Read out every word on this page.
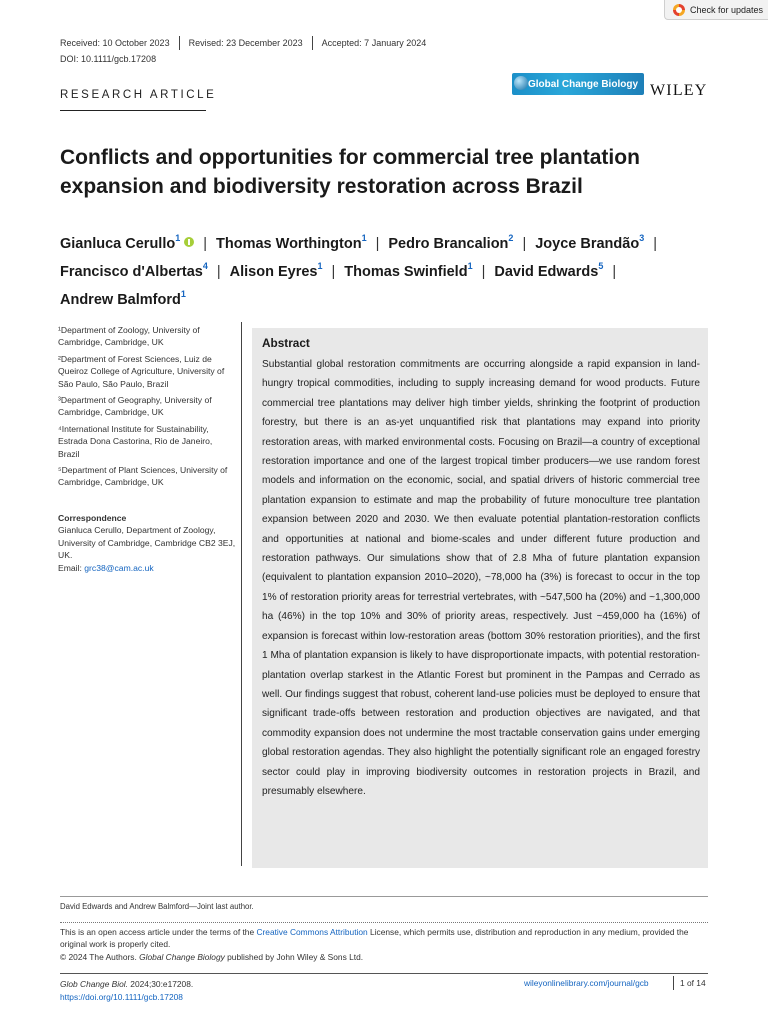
Check for updates
Received: 10 October 2023 Revised: 23 December 2023 Accepted: 7 January 2024
DOI: 10.1111/gcb.17208
RESEARCH ARTICLE
Global Change Biology WILEY
Conflicts and opportunities for commercial tree plantation expansion and biodiversity restoration across Brazil
Gianluca Cerullo$^1$ | Thomas Worthington$^1$ | Pedro Brancalion$^2$ | Joyce Brandão$^3$ |
Francisco d'Albertas$^4$ | Alison Eyres$^1$ | Thomas Swinfield$^1$ | David Edwards$^5$ |
Andrew Balmford$^1$
¹Department of Zoology, University of Cambridge, Cambridge, UK
²Department of Forest Sciences, Luiz de Queiroz College of Agriculture, University of São Paulo, São Paulo, Brazil
³Department of Geography, University of Cambridge, Cambridge, UK
⁴International Institute for Sustainability, Estrada Dona Castorina, Rio de Janeiro, Brazil
⁵Department of Plant Sciences, University of Cambridge, Cambridge, UK
Correspondence
Gianluca Cerullo, Department of Zoology, University of Cambridge, Cambridge CB2 3EJ, UK.
Email: grc38@cam.ac.uk
Abstract
Substantial global restoration commitments are occurring alongside a rapid expansion in land-hungry tropical commodities, including to supply increasing demand for wood products. Future commercial tree plantations may deliver high timber yields, shrinking the footprint of production forestry, but there is an as-yet unquantified risk that plantations may expand into priority restoration areas, with marked environmental costs. Focusing on Brazil—a country of exceptional restoration importance and one of the largest tropical timber producers—we use random forest models and information on the economic, social, and spatial drivers of historic commercial tree plantation expansion to estimate and map the probability of future monoculture tree plantation expansion between 2020 and 2030. We then evaluate potential plantation-restoration conflicts and opportunities at national and biome-scales and under different future production and restoration pathways. Our simulations show that of 2.8 Mha of future plantation expansion (equivalent to plantation expansion 2010–2020), ~78,000 ha (3%) is forecast to occur in the top 1% of restoration priority areas for terrestrial vertebrates, with ~547,500 ha (20%) and ~1,300,000 ha (46%) in the top 10% and 30% of priority areas, respectively. Just ~459,000 ha (16%) of expansion is forecast within low-restoration areas (bottom 30% restoration priorities), and the first 1 Mha of plantation expansion is likely to have disproportionate impacts, with potential restoration-plantation overlap starkest in the Atlantic Forest but prominent in the Pampas and Cerrado as well. Our findings suggest that robust, coherent land-use policies must be deployed to ensure that significant trade-offs between restoration and production objectives are navigated, and that commodity expansion does not undermine the most tractable conservation gains under emerging global restoration agendas. They also highlight the potentially significant role an engaged forestry sector could play in improving biodiversity outcomes in restoration projects in Brazil, and presumably elsewhere.
David Edwards and Andrew Balmford—Joint last author.
This is an open access article under the terms of the Creative Commons Attribution License, which permits use, distribution and reproduction in any medium, provided the original work is properly cited.
© 2024 The Authors. Global Change Biology published by John Wiley & Sons Ltd.
Glob Change Biol. 2024;30:e17208.
https://doi.org/10.1111/gcb.17208
wileyonlinelibrary.com/journal/gcb	1 of 14
